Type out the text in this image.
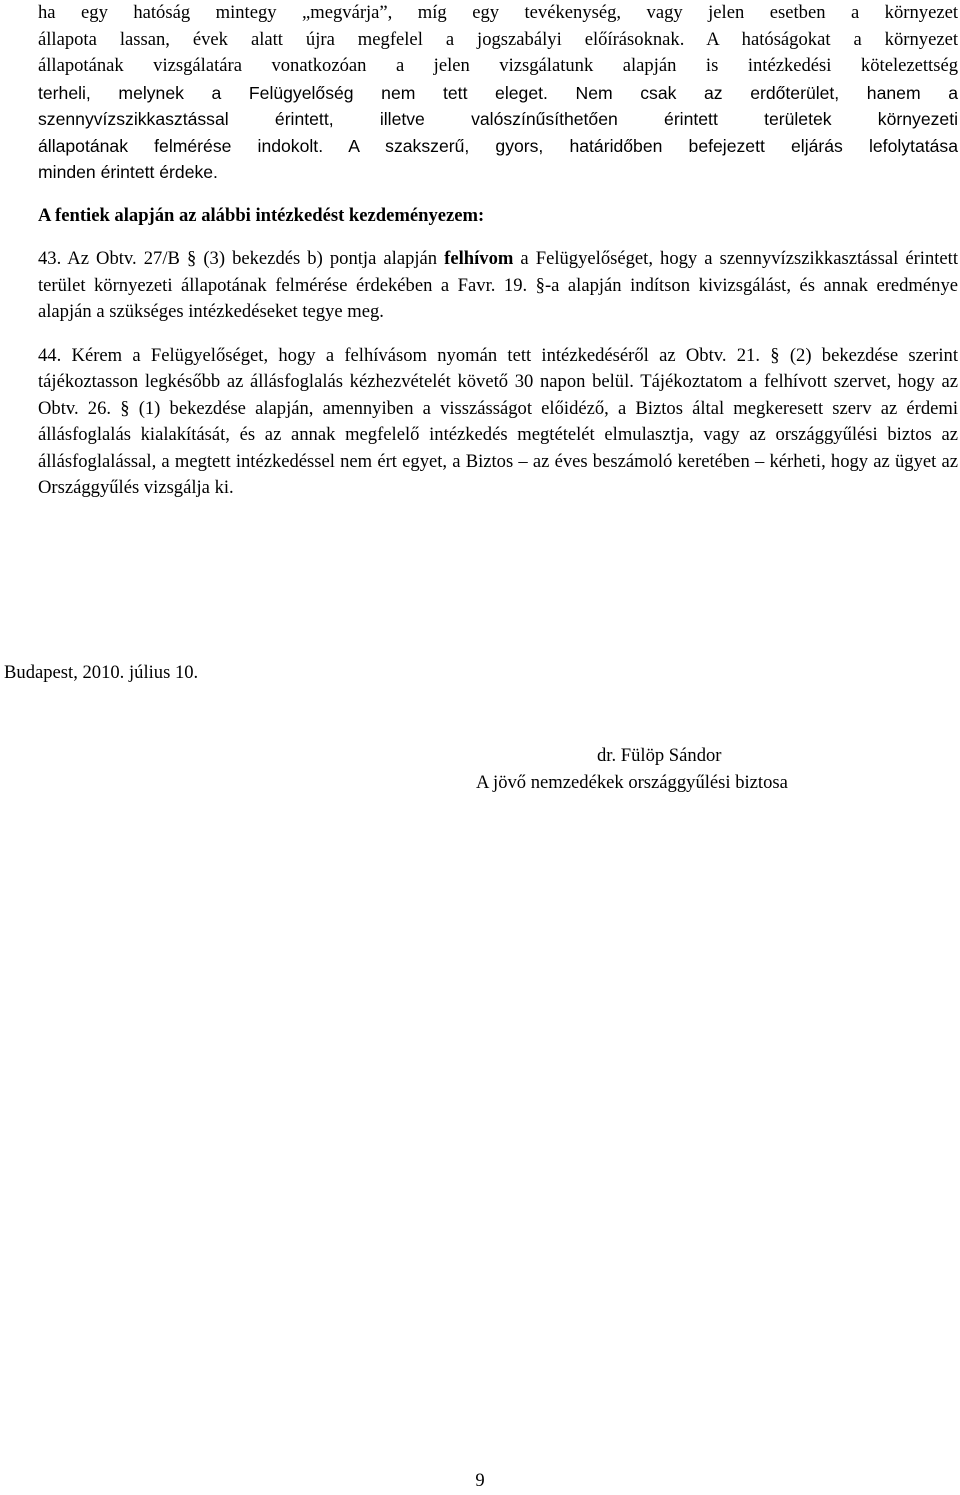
ha egy hatóság mintegy „megvárja”, míg egy tevékenység, vagy jelen esetben a környezet
állapota lassan, évek alatt újra megfelel a jogszabályi előírásoknak. A hatóságokat a környezet
állapotának vizsgálatára vonatkozóan a jelen vizsgálatunk alapján is intézkedési kötelezettség
terheli, melynek a Felügyelőség nem tett eleget. Nem csak az erdőterület, hanem a
szennyvízszikkasztással érintett, illetve valószínűsíthetően érintett területek környezeti
állapotának felmérése indokolt. A szakszerű, gyors, határidőben befejezett eljárás lefolytatása
minden érintett érdeke.

A fentiek alapján az alábbi intézkedést kezdeményezem:

43. Az Obtv. 27/B § (3) bekezdés b) pontja alapján felhívom a Felügyelőséget, hogy a szennyvízszikkasztással érintett terület környezeti állapotának felmérése érdekében a Favr. 19. §-a alapján indítson kivizsgálást, és annak eredménye alapján a szükséges intézkedéseket tegye meg.

44. Kérem a Felügyelőséget, hogy a felhívásom nyomán tett intézkedéséről az Obtv. 21. § (2) bekezdése szerint tájékoztasson legkésőbb az állásfoglalás kézhezvételét követő 30 napon belül. Tájékoztatom a felhívott szervet, hogy az Obtv. 26. § (1) bekezdése alapján, amennyiben a visszásságot előidéző, a Biztos által megkeresett szerv az érdemi állásfoglalás kialakítását, és az annak megfelelő intézkedés megtételét elmulasztja, vagy az országgyűlési biztos az állásfoglalással, a megtett intézkedéssel nem ért egyet, a Biztos – az éves beszámoló keretében – kérheti, hogy az ügyet az Országgyűlés vizsgálja ki.

Budapest, 2010. július 10.

dr. Fülöp Sándor
A jövő nemzedékek országgyűlési biztosa
9
